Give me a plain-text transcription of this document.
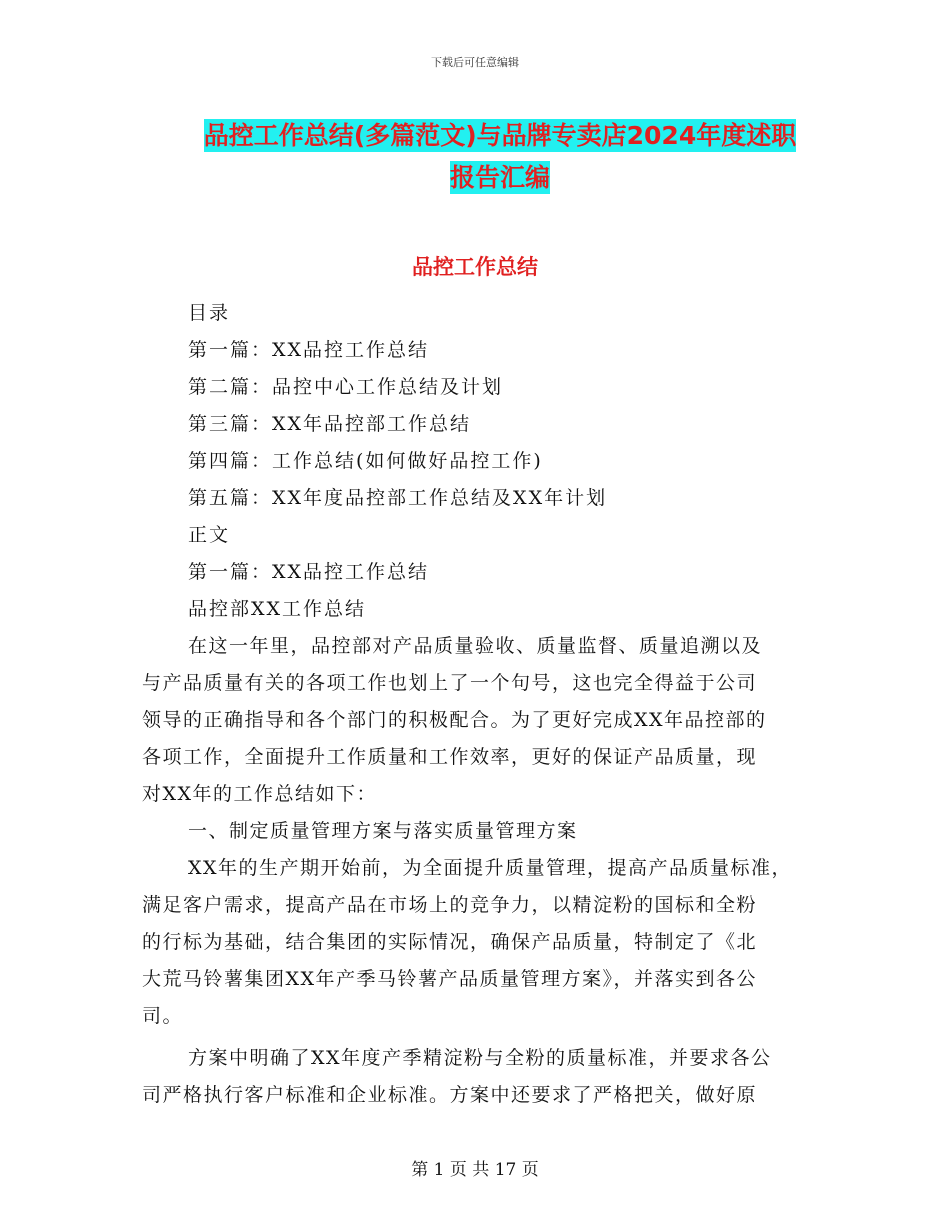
下载后可任意编辑
品控工作总结(多篇范文)与品牌专卖店2024年度述职
报告汇编
品控工作总结
目录
第一篇：XX品控工作总结
第二篇：品控中心工作总结及计划
第三篇：XX年品控部工作总结
第四篇：工作总结(如何做好品控工作)
第五篇：XX年度品控部工作总结及XX年计划
正文
第一篇：XX品控工作总结
品控部XX工作总结
在这一年里，品控部对产品质量验收、质量监督、质量追溯以及
与产品质量有关的各项工作也划上了一个句号，这也完全得益于公司
领导的正确指导和各个部门的积极配合。为了更好完成XX年品控部的
各项工作，全面提升工作质量和工作效率，更好的保证产品质量，现
对XX年的工作总结如下：
一、制定质量管理方案与落实质量管理方案
XX年的生产期开始前，为全面提升质量管理，提高产品质量标准，
满足客户需求，提高产品在市场上的竞争力，以精淀粉的国标和全粉
的行标为基础，结合集团的实际情况，确保产品质量，特制定了《北
大荒马铃薯集团XX年产季马铃薯产品质量管理方案》，并落实到各公
司。
方案中明确了XX年度产季精淀粉与全粉的质量标准，并要求各公
司严格执行客户标准和企业标准。方案中还要求了严格把关，做好原
第 1 页 共 17 页
